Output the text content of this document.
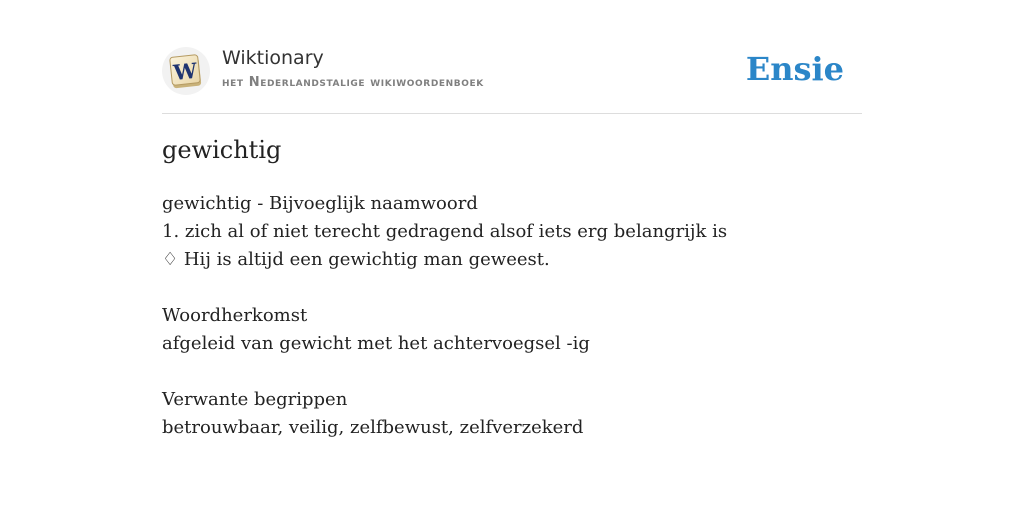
W Wiktionary
het Nederlandstalige wikiwoordenboek	Ensie
gewichtig
gewichtig - Bijvoeglijk naamwoord
1. zich al of niet terecht gedragend alsof iets erg belangrijk is
♢ Hij is altijd een gewichtig man geweest.
Woordherkomst
afgeleid van gewicht met het achtervoegsel -ig
Verwante begrippen
betrouwbaar, veilig, zelfbewust, zelfverzekerd
